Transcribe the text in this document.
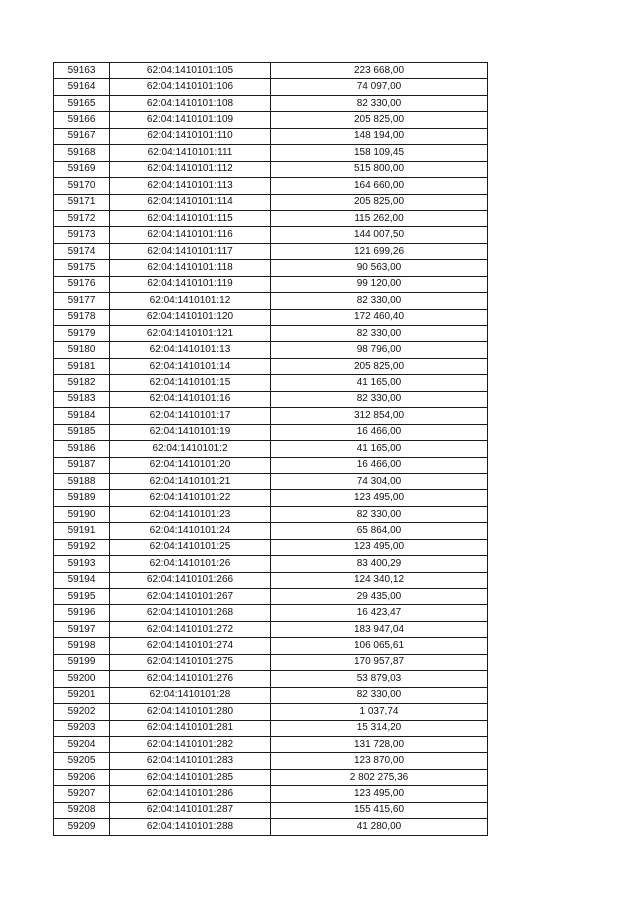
59163	62:04:1410101:105	223 668,00
59164	62:04:1410101:106	74 097,00
59165	62:04:1410101:108	82 330,00
59166	62:04:1410101:109	205 825,00
59167	62:04:1410101:110	148 194,00
59168	62:04:1410101:111	158 109,45
59169	62:04:1410101:112	515 800,00
59170	62:04:1410101:113	164 660,00
59171	62:04:1410101:114	205 825,00
59172	62:04:1410101:115	115 262,00
59173	62:04:1410101:116	144 007,50
59174	62:04:1410101:117	121 699,26
59175	62:04:1410101:118	90 563,00
59176	62:04:1410101:119	99 120,00
59177	62:04:1410101:12	82 330,00
59178	62:04:1410101:120	172 460,40
59179	62:04:1410101:121	82 330,00
59180	62:04:1410101:13	98 796,00
59181	62:04:1410101:14	205 825,00
59182	62:04:1410101:15	41 165,00
59183	62:04:1410101:16	82 330,00
59184	62:04:1410101:17	312 854,00
59185	62:04:1410101:19	16 466,00
59186	62:04:1410101:2	41 165,00
59187	62:04:1410101:20	16 466,00
59188	62:04:1410101:21	74 304,00
59189	62:04:1410101:22	123 495,00
59190	62:04:1410101:23	82 330,00
59191	62:04:1410101:24	65 864,00
59192	62:04:1410101:25	123 495,00
59193	62:04:1410101:26	83 400,29
59194	62:04:1410101:266	124 340,12
59195	62:04:1410101:267	29 435,00
59196	62:04:1410101:268	16 423,47
59197	62:04:1410101:272	183 947,04
59198	62:04:1410101:274	106 065,61
59199	62:04:1410101:275	170 957,87
59200	62:04:1410101:276	53 879,03
59201	62:04:1410101:28	82 330,00
59202	62:04:1410101:280	1 037,74
59203	62:04:1410101:281	15 314,20
59204	62:04:1410101:282	131 728,00
59205	62:04:1410101:283	123 870,00
59206	62:04:1410101:285	2 802 275,36
59207	62:04:1410101:286	123 495,00
59208	62:04:1410101:287	155 415,60
59209	62:04:1410101:288	41 280,00
